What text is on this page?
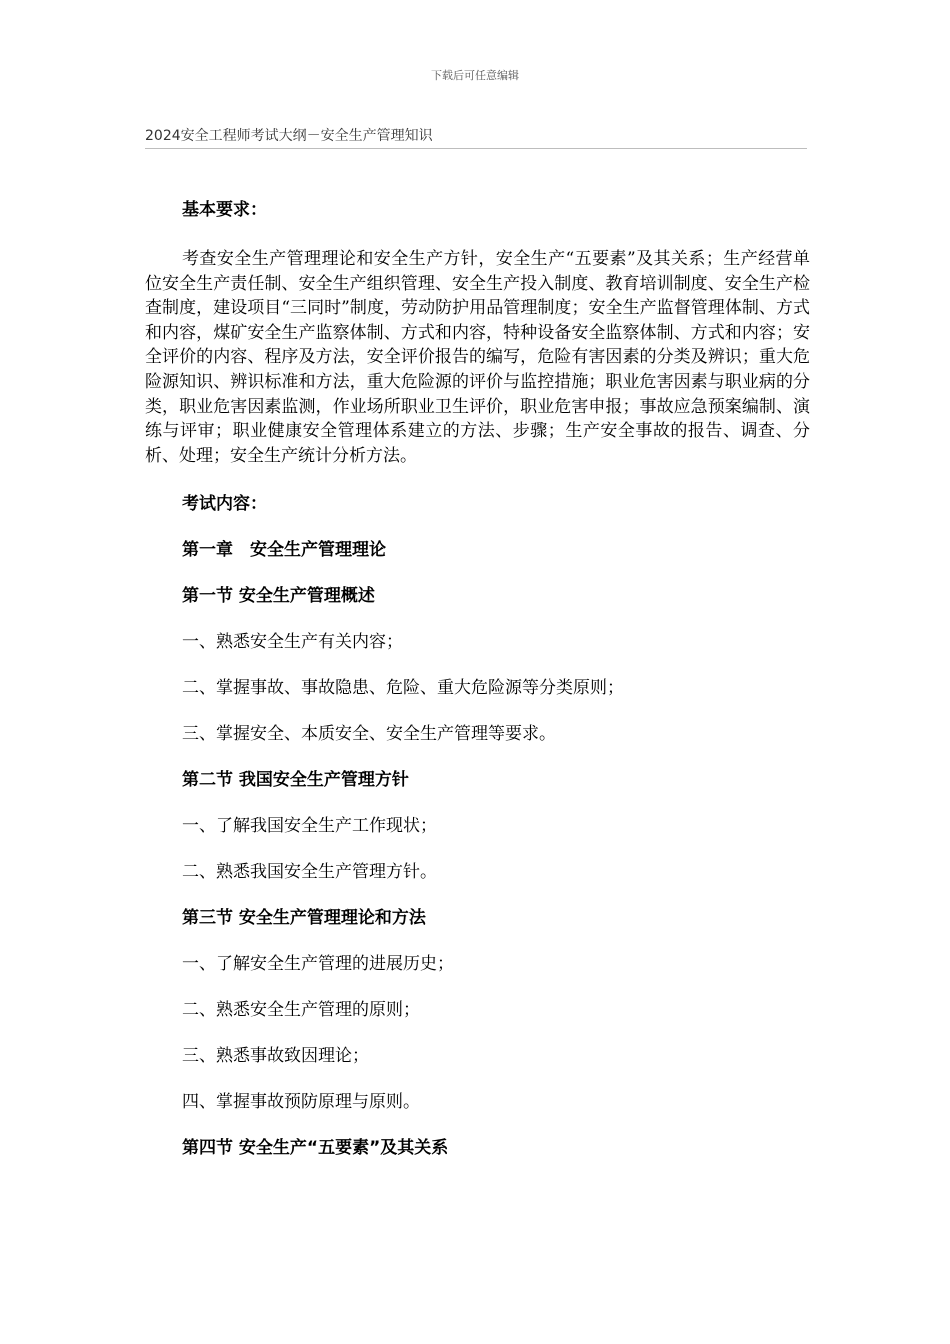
下载后可任意编辑
2024安全工程师考试大纲－安全生产管理知识
基本要求：

考查安全生产管理理论和安全生产方针，安全生产“五要素”及其关系；生产经营单位安全生产责任制、安全生产组织管理、安全生产投入制度、教育培训制度、安全生产检查制度，建设项目“三同时”制度，劳动防护用品管理制度；安全生产监督管理体制、方式和内容，煤矿安全生产监察体制、方式和内容，特种设备安全监察体制、方式和内容；安全评价的内容、程序及方法，安全评价报告的编写，危险有害因素的分类及辨识；重大危险源知识、辨识标准和方法，重大危险源的评价与监控措施；职业危害因素与职业病的分类，职业危害因素监测，作业场所职业卫生评价，职业危害申报；事故应急预案编制、演练与评审；职业健康安全管理体系建立的方法、步骤；生产安全事故的报告、调查、分析、处理；安全生产统计分析方法。

考试内容：
第一章　安全生产管理理论
第一节 安全生产管理概述
一、熟悉安全生产有关内容；
二、掌握事故、事故隐患、危险、重大危险源等分类原则；
三、掌握安全、本质安全、安全生产管理等要求。
第二节 我国安全生产管理方针
一、了解我国安全生产工作现状；
二、熟悉我国安全生产管理方针。
第三节 安全生产管理理论和方法
一、了解安全生产管理的进展历史；
二、熟悉安全生产管理的原则；
三、熟悉事故致因理论；
四、掌握事故预防原理与原则。
第四节 安全生产“五要素”及其关系
